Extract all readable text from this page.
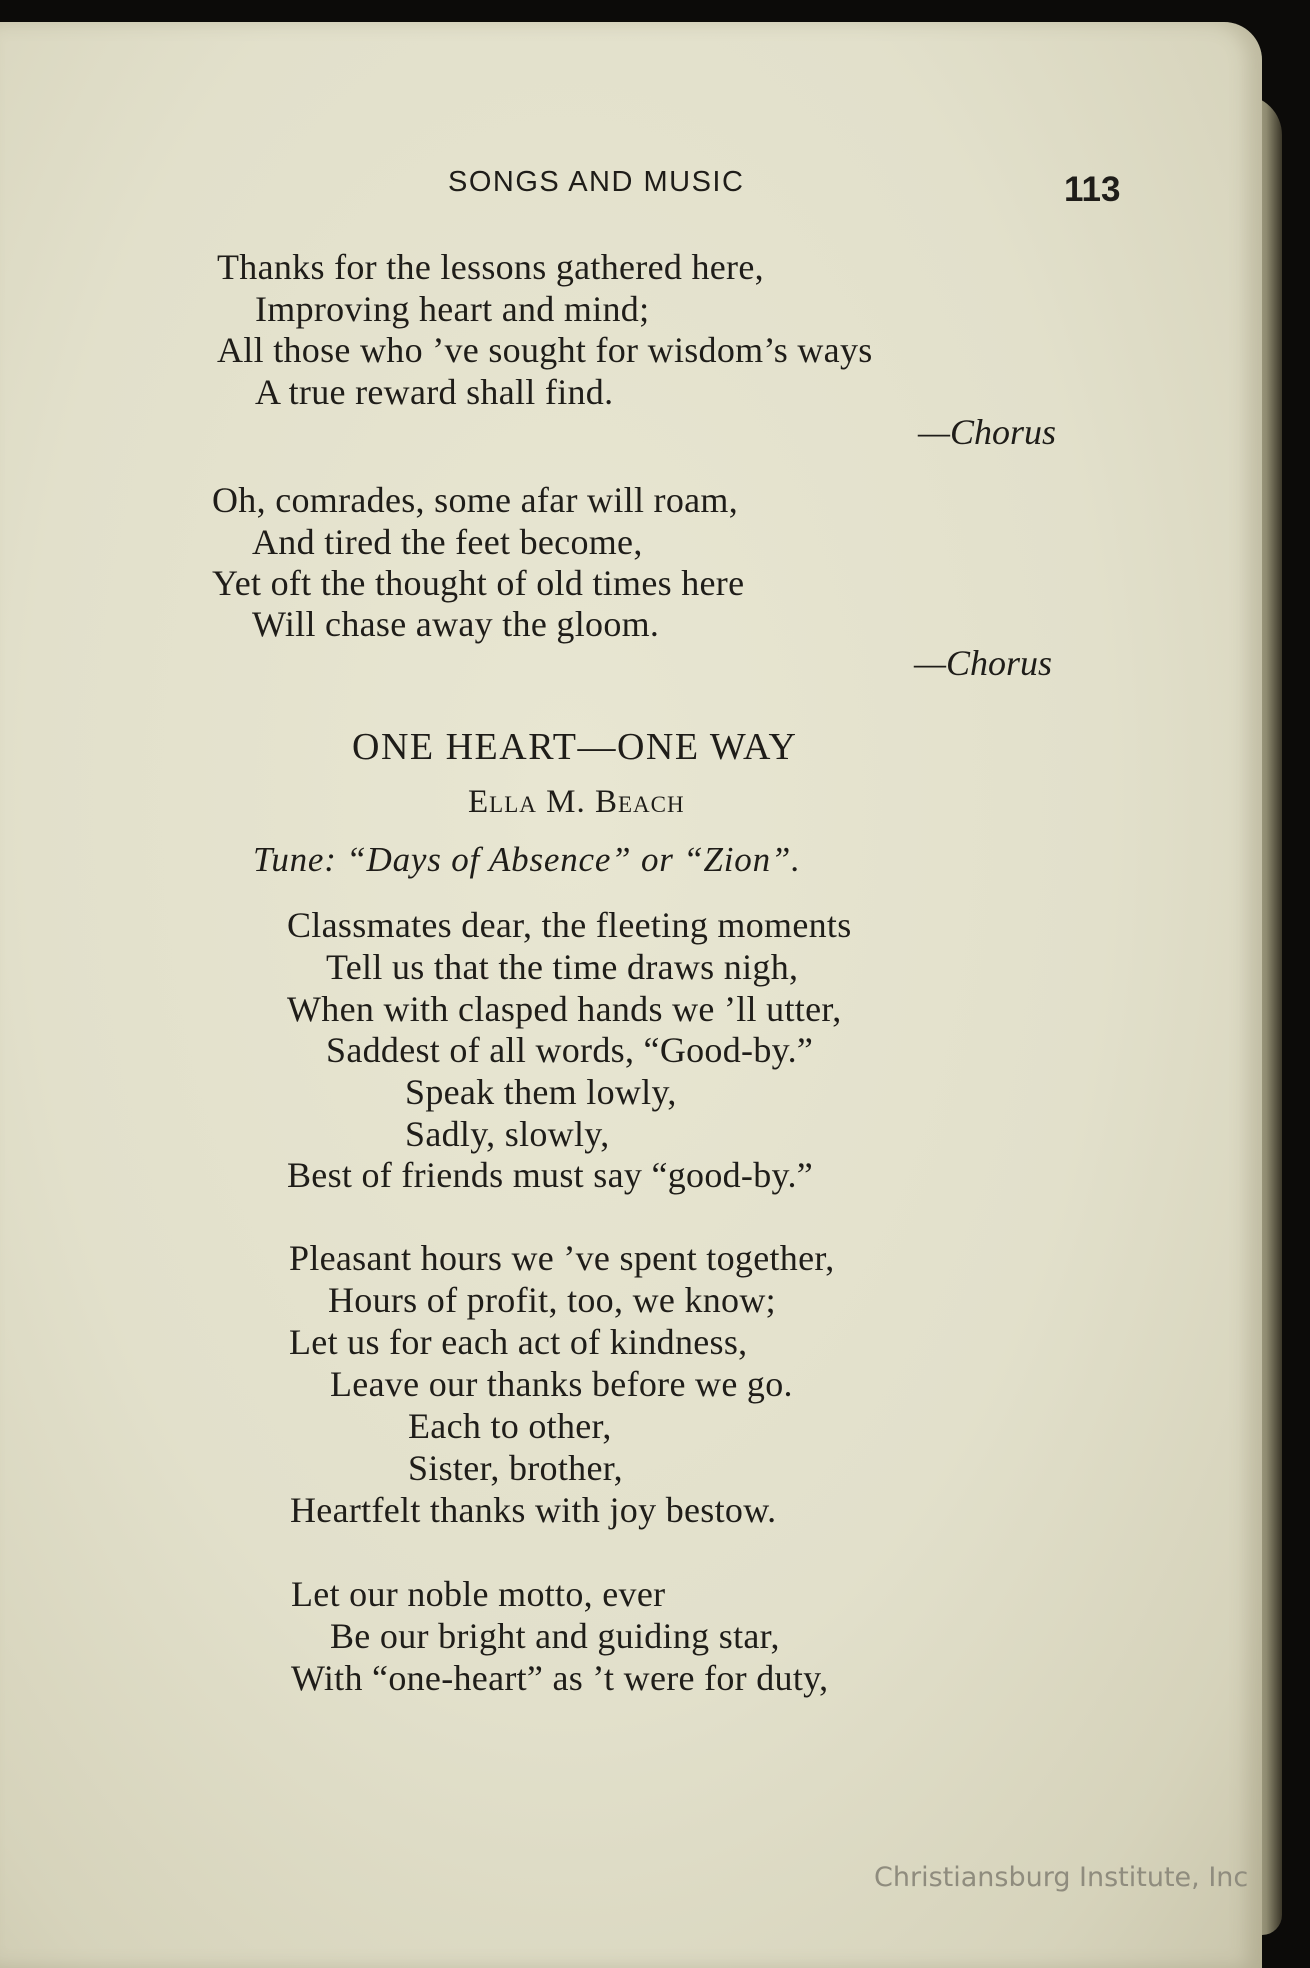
SONGS AND MUSIC	113
Thanks for the lessons gathered here,
Improving heart and mind;
All those who ’ve sought for wisdom’s ways
A true reward shall find.
—Chorus
Oh, comrades, some afar will roam,
And tired the feet become,
Yet oft the thought of old times here
Will chase away the gloom.
—Chorus
ONE HEART—ONE WAY
Ella M. Beach
Tune: “Days of Absence” or “Zion”.
Classmates dear, the fleeting moments
Tell us that the time draws nigh,
When with clasped hands we ’ll utter,
Saddest of all words, “Good-by.”
Speak them lowly,
Sadly, slowly,
Best of friends must say “good-by.”
Pleasant hours we ’ve spent together,
Hours of profit, too, we know;
Let us for each act of kindness,
Leave our thanks before we go.
Each to other,
Sister, brother,
Heartfelt thanks with joy bestow.
Let our noble motto, ever
Be our bright and guiding star,
With “one-heart” as ’t were for duty,
Christiansburg Institute, Inc
